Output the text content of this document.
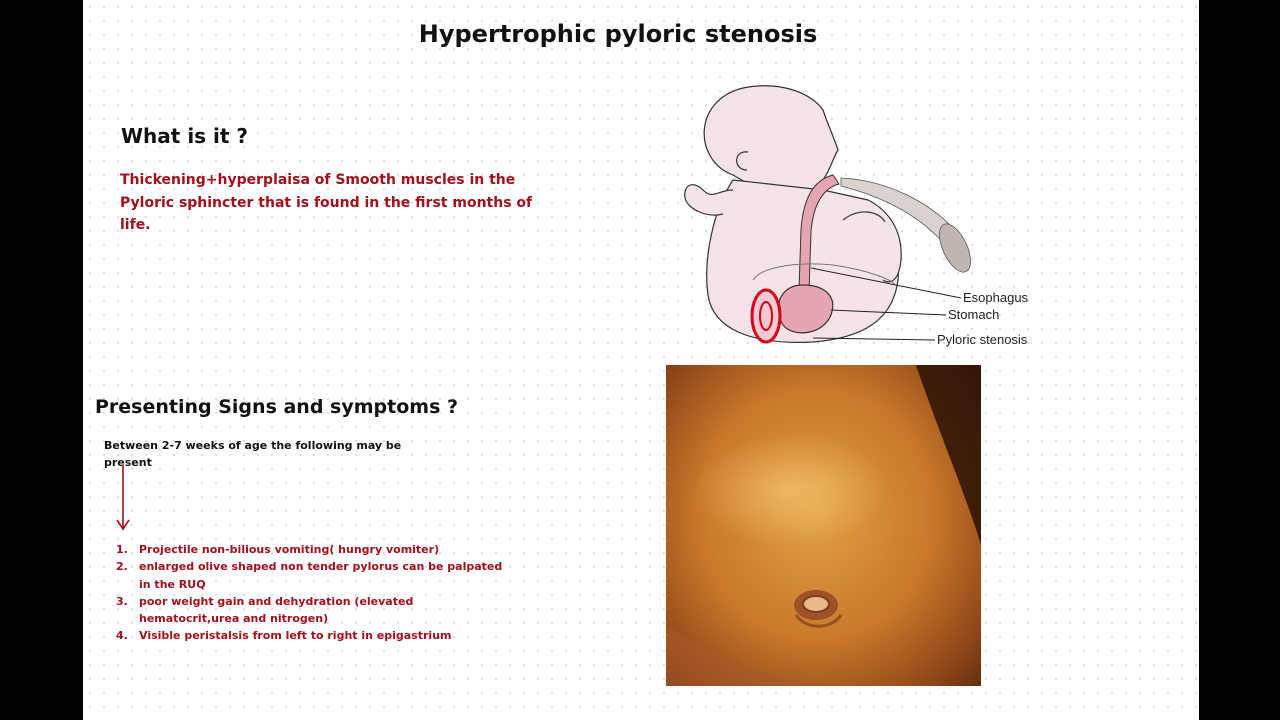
Hypertrophic pyloric stenosis
What is it ?
Thickening+hyperplaisa of Smooth muscles in the Pyloric sphincter that is found in the first months of life.
Presenting Signs and symptoms ?
Between 2-7 weeks of age the following may be present
1. Projectile non-bilious vomiting( hungry vomiter)
2. enlarged olive shaped non tender pylorus can be palpated in the RUQ
3. poor weight gain and dehydration (elevated hematocrit,urea and nitrogen)
4. Visible peristalsis from left to right in epigastrium
Esophagus
Stomach
Pyloric stenosis
